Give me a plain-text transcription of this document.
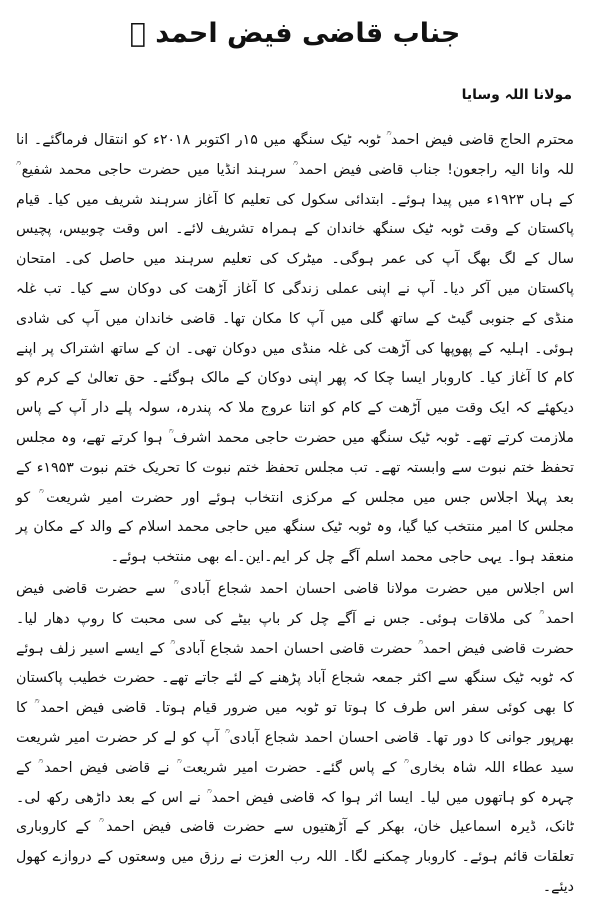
جناب قاضی فیض احمد ﷫
مولانا اللہ وسایا

محترم الحاج قاضی فیض احمد ؒ ٹوبہ ٹیک سنگھ میں ۱۵ر اکتوبر ۲۰۱۸ء کو انتقال فرماگئے۔ انا للہ وانا الیہ راجعون! جناب قاضی فیض احمد ؒ سرہند انڈیا میں حضرت حاجی محمد شفیع ؒ کے ہاں ۱۹۲۳ء میں پیدا ہوئے۔ ابتدائی سکول کی تعلیم کا آغاز سرہند شریف میں کیا۔ قیام پاکستان کے وقت ٹوبہ ٹیک سنگھ خاندان کے ہمراہ تشریف لائے۔ اس وقت چوبیس، پچیس سال کے لگ بھگ آپ کی عمر ہوگی۔ میٹرک کی تعلیم سرہند میں حاصل کی۔ امتحان پاکستان میں آکر دیا۔ آپ نے اپنی عملی زندگی کا آغاز آڑھت کی دوکان سے کیا۔ تب غلہ منڈی کے جنوبی گیٹ کے ساتھ گلی میں آپ کا مکان تھا۔ قاضی خاندان میں آپ کی شادی ہوئی۔ اہلیہ کے پھوپھا کی آڑھت کی غلہ منڈی میں دوکان تھی۔ ان کے ساتھ اشتراک پر اپنے کام کا آغاز کیا۔ کاروبار ایسا چکا کہ پھر اپنی دوکان کے مالک ہوگئے۔ حق تعالیٰ کے کرم کو دیکھئے کہ ایک وقت میں آڑھت کے کام کو اتنا عروج ملا کہ پندرہ، سولہ پلے دار آپ کے پاس ملازمت کرتے تھے۔ ٹوبہ ٹیک سنگھ میں حضرت حاجی محمد اشرف ؒ ہوا کرتے تھے، وہ مجلس تحفظ ختم نبوت سے وابستہ تھے۔ تب مجلس تحفظ ختم نبوت کا تحریک ختم نبوت ۱۹۵۳ء کے بعد پہلا اجلاس جس میں مجلس کے مرکزی انتخاب ہوئے اور حضرت امیر شریعت ؒ کو مجلس کا امیر منتخب کیا گیا، وہ ٹوبہ ٹیک سنگھ میں حاجی محمد اسلام کے والد کے مکان پر منعقد ہوا۔ یہی حاجی محمد اسلم آگے چل کر ایم۔این۔اے بھی منتخب ہوئے۔

اس اجلاس میں حضرت مولانا قاضی احسان احمد شجاع آبادی ؒ سے حضرت قاضی فیض احمد ؒ کی ملاقات ہوئی۔ جس نے آگے چل کر باپ بیٹے کی سی محبت کا روپ دھار لیا۔ حضرت قاضی فیض احمد ؒ حضرت قاضی احسان احمد شجاع آبادی ؒ کے ایسے اسیر زلف ہوئے کہ ٹوبہ ٹیک سنگھ سے اکثر جمعہ شجاع آباد پڑھنے کے لئے جاتے تھے۔ حضرت خطیب پاکستان کا بھی کوئی سفر اس طرف کا ہوتا تو ٹوبہ میں ضرور قیام ہوتا۔ قاضی فیض احمد ؒ کا بھرپور جوانی کا دور تھا۔ قاضی احسان احمد شجاع آبادی ؒ آپ کو لے کر حضرت امیر شریعت سید عطاء اللہ شاہ بخاری ؒ کے پاس گئے۔ حضرت امیر شریعت ؒ نے قاضی فیض احمد ؒ کے چہرہ کو ہاتھوں میں لیا۔ ایسا اثر ہوا کہ قاضی فیض احمد ؒ نے اس کے بعد داڑھی رکھ لی۔ ٹانک، ڈیرہ اسماعیل خان، بھکر کے آڑھتیوں سے حضرت قاضی فیض احمد ؒ کے کاروباری تعلقات قائم ہوئے۔ کاروبار چمکنے لگا۔ اللہ رب العزت نے رزق میں وسعتوں کے دروازے کھول دیئے۔
